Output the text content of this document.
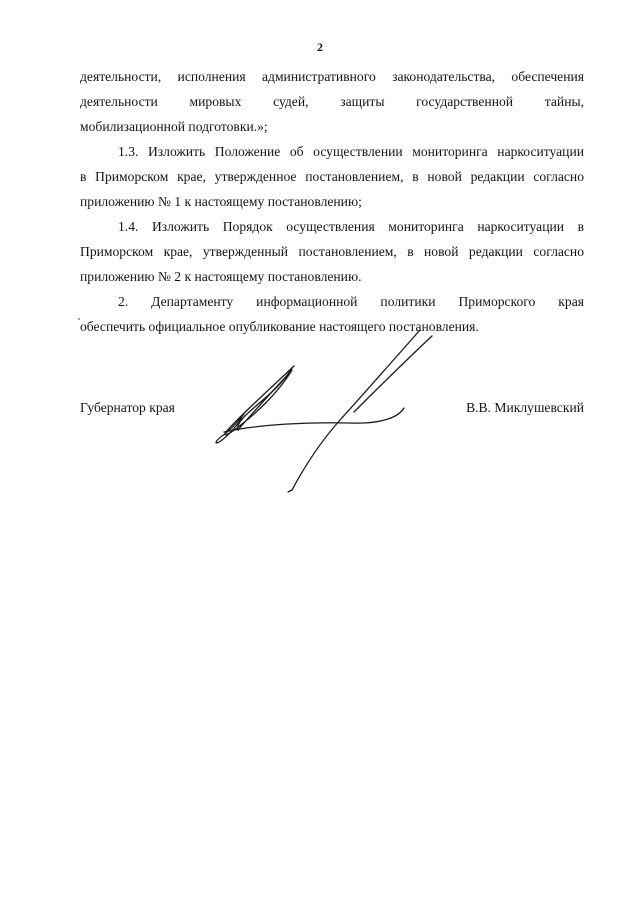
2
деятельности, исполнения административного законодательства, обеспечения
деятельности мировых судей, защиты государственной тайны,
мобилизационной подготовки.»;
1.3. Изложить Положение об осуществлении мониторинга наркоситуации
в Приморском крае, утвержденное постановлением, в новой редакции согласно
приложению № 1 к настоящему постановлению;
1.4. Изложить Порядок осуществления мониторинга наркоситуации в
Приморском крае, утвержденный постановлением, в новой редакции согласно
приложению № 2 к настоящему постановлению.
2. Департаменту информационной политики Приморского края
обеспечить официальное опубликование настоящего постановления.
Губернатор края	В.В. Миклушевский
